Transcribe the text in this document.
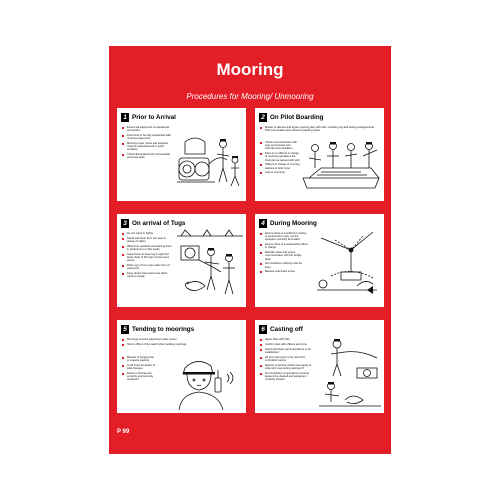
Mooring
Procedures for Mooring/ Unmooring
1 Prior to Arrival
Ensure all equipment is operational and tested
Personnel to be fully acquainted with mooring equipment
Mooring ropes, wires and stoppers must be inspected and in good condition
Check illumination both at forecastle and poop deck
2 On Pilot Boarding
Master to discuss and agree mooring plan with pilot, including tug and towing arrangements. Pilot Line details and method of passing ropes
Check communication with tugs and vessels own internal communication
Pass on to officers in charge of mooring operations the final plan as agreed with pilot
Officers in charge of mooring stations to brief crew
Layout moorings
3 On arrival of Tugs
Do not stand in bights
Stand well clear from tow rope in places of safety
Whenever possible use heaving lines in preference to roller leads
Supervision to keep tug in sight but leave clear of first sign of tow ropes stress
Place eye of tow rope under form of towing bitt
Keep decks clear and never allow ropes to tangle
4 During Mooring
Ensure there is a sufficient number of personnel to carry out the operation correctly and safely
Ensure there is a responsible officer in charge
Maintain clear and proper communication with the bridge team
Full protective clothing must be worn
Beware snap back zones
5 Tending to moorings
Moorings must be payed out under power
Inform officer of the watch when tending moorings
Beware of surging due to vessels passing
At all times be aware of tidal changes
Ensure moorings are correctly and securely tensioned
6 Casting off
Agree Plan with Pilot
Confirm plan with officers and crew
Good and Clear communications to be established
All wire and ropes to be cast off in controlled manner
Beware excessive strains can cause to whip and snap during casting off
On completion of operations mooring areas to be cleared and equipment correctly stowed
P 99
